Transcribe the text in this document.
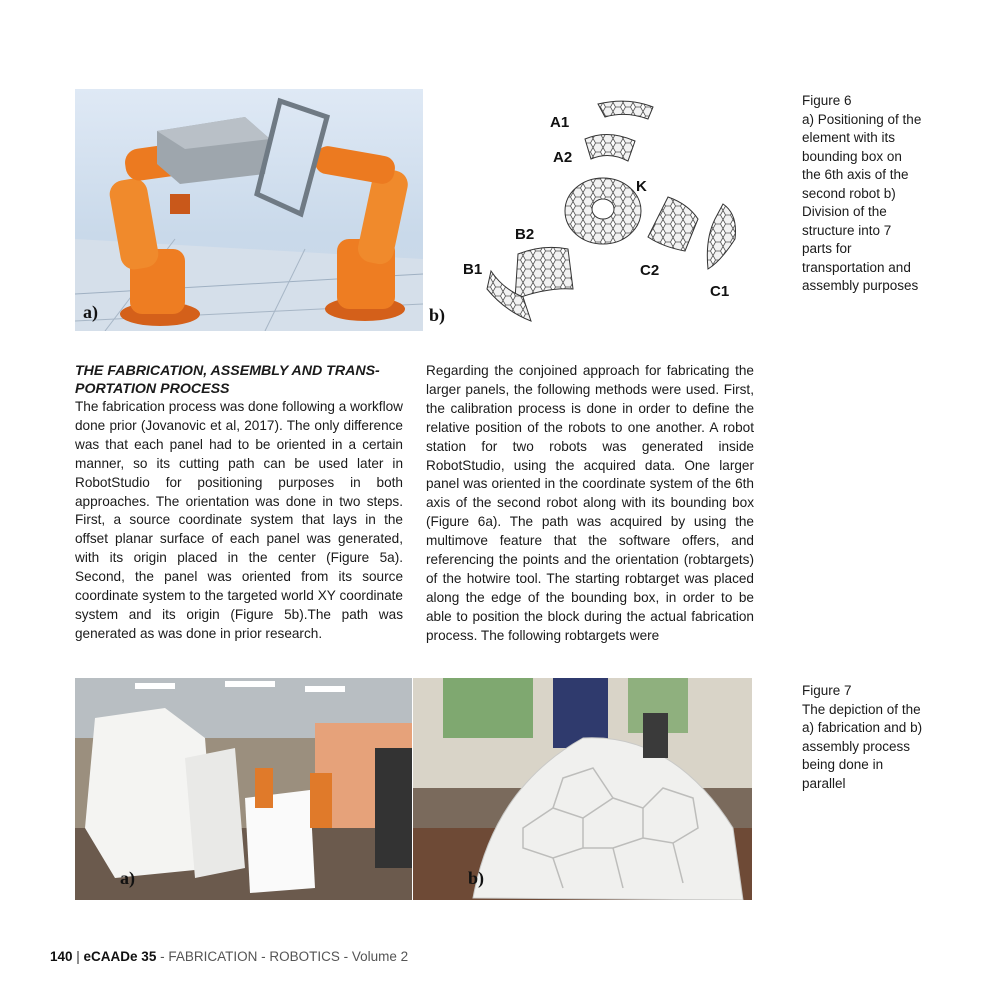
a)
A1
A2
K
B2
B1	C2
C1
b)

Figure 6

a) Positioning of the

element with its

bounding box on

the 6th axis of the

second robot b)

Division of the

structure into 7

parts for

transportation and

assembly purposes

THE FABRICATION, ASSEMBLY AND TRANS-

PORTATION PROCESS

The fabrication process was done following a workflow done prior (Jovanovic et al, 2017). The only difference was that each panel had to be oriented in a certain manner, so its cutting path can be used later in RobotStudio for positioning purposes in both approaches. The orientation was done in two steps. First, a source coordinate system that lays in the offset planar surface of each panel was generated, with its origin placed in the center (Figure 5a). Second, the panel was oriented from its source coordinate system to the targeted world XY coordinate system and its origin (Figure 5b).The path was generated as was done in prior research.

Regarding the conjoined approach for fabricating the larger panels, the following methods were used. First, the calibration process is done in order to define the relative position of the robots to one another. A robot station for two robots was generated inside RobotStudio, using the acquired data. One larger panel was oriented in the coordinate system of the 6th axis of the second robot along with its bounding box (Figure 6a). The path was acquired by using the multimove feature that the software offers, and referencing the points and the orientation (robtargets) of the hotwire tool. The starting robtarget was placed along the edge of the bounding box, in order to be able to position the block during the actual fabrication process. The following robtargets were

a)	b)

Figure 7

The depiction of the

a) fabrication and b)

assembly process

being done in

parallel

140 | eCAADe 35 - FABRICATION - ROBOTICS - Volume 2
